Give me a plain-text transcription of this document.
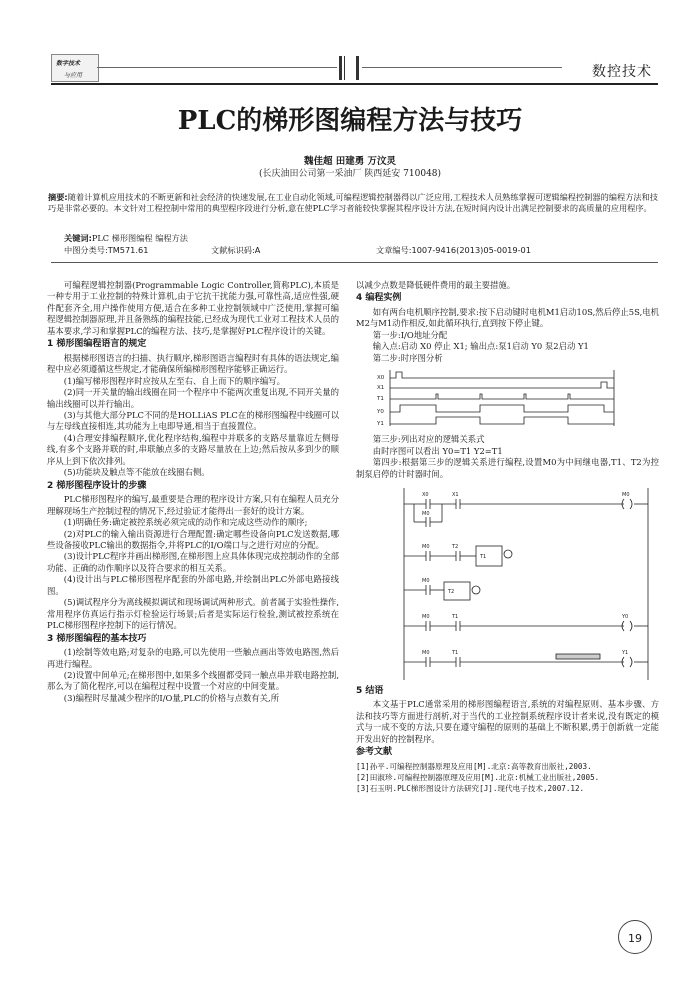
数字技术
与应用	数控技术
PLC的梯形图编程方法与技巧
魏佳超 田建勇 万汶灵
(长庆油田公司第一采油厂 陕西延安 710048)
摘要:随着计算机应用技术的不断更新和社会经济的快速发展,在工业自动化领域,可编程逻辑控制器得以广泛应用,工程技术人员熟练掌握可逻辑编程控制器的编程方法和技巧是非常必要的。本文针对工程控制中常用的典型程序段进行分析,意在使PLC学习者能较快掌握其程序设计方法,在短时间内设计出满足控制要求的高质量的应用程序。
关键词:PLC 梯形图编程 编程方法
中图分类号:TM571.61	文献标识码:A	文章编号:1007-9416(2013)05-0019-01

可编程逻辑控制器(Programmable Logic Controller,简称PLC),本质是一种专用于工业控制的特殊计算机,由于它抗干扰能力强,可靠性高,适应性强,硬件配套齐全,用户操作使用方便,适合在多种工业控制领域中广泛使用,掌握可编程逻辑控制器原理,并且备熟练的编程技能,已经成为现代工业对工程技术人员的基本要求,学习和掌握PLC的编程方法、技巧,是掌握好PLC程序设计的关键。

1 梯形图编程语言的规定

根据梯形图语言的扫描、执行顺序,梯形图语言编程时有具体的语法规定,编程中应必须遵循这些规定,才能确保所编梯形图程序能够正确运行。

(1)编写梯形图程序时应按从左至右、自上而下的顺序编写。

(2)同一开关量的输出线圈在同一个程序中不能两次重复出现,不同开关量的输出线圈可以并行输出。

(3)与其他大部分PLC不同的是HOLLiAS PLC在的梯形图编程中线圈可以与左母线直接相连,其功能为上电即导通,相当于直接置位。

(4)合理安排编程顺序,优化程序结构,编程中并联多的支路尽量靠近左侧母线,有多个支路并联的时,串联触点多的支路尽量放在上边;然后按从多到少的顺序从上到下依次排列。

(5)功能块及触点等不能放在线圈右侧。

2 梯形图程序设计的步骤

PLC梯形图程序的编写,最重要是合理的程序设计方案,只有在编程人员充分理解现场生产控制过程的情况下,经过验证才能得出一套好的设计方案。

(1)明确任务:确定被控系统必须完成的动作和完成这些动作的顺序;

(2)对PLC的输入输出资源进行合理配置:确定哪些设备向PLC发送数据,哪些设备接收PLC输出的数据指令,并将PLC的I/O端口与之进行对应的分配。

(3)设计PLC程序并画出梯形图,在梯形图上应具体体现完成控制动作的全部功能、正确的动作顺序以及符合要求的相互关系。

(4)设计出与PLC梯形图程序配套的外部电路,并绘制出PLC外部电路接线图。

(5)调试程序分为离线模拟调试和现场调试两种形式。前者属于实验性操作,常用程序仿真运行指示灯检验运行场景;后者是实际运行检验,测试被控系统在PLC梯形图程序控制下的运行情况。

3 梯形图编程的基本技巧

(1)绘制等效电路;对复杂的电路,可以先使用一些触点画出等效电路图,然后再进行编程。

(2)设置中间单元;在梯形图中,如果多个线圈都受同一触点串并联电路控制,那么为了简化程序,可以在编程过程中设置一个对应的中间变量。

(3)编程时尽量减少程序的I/O量,PLC的价格与点数有关,所

以减少点数是降低硬件费用的最主要措施。

4 编程实例

如有两台电机顺序控制,要求:按下启动键时电机M1启动10S,然后停止5S,电机M2与M1动作相反,如此循环执行,直到按下停止键。

第一步:I/O地址分配

输入点:启动 X0 停止 X1; 输出点:泵1启动 Y0 泵2启动 Y1

第二步:时序图分析

X0
X1
T1
Y0
Y1

第三步:列出对应的逻辑关系式

由时序图可以看出 Y0=T1 Y2=T1

第四步:根据第三步的逻辑关系进行编程,设置M0为中间继电器,T1、T2为控制泵启停的计时器时间。

X0	X1	M0
M0
M0	T2
T1
M0
T2
M0	T1	Y0
M0	T1	Y1
5 结语

本文基于PLC通常采用的梯形图编程语言,系统的对编程原则、基本步骤、方法和技巧等方面进行剖析,对于当代的工业控制系统程序设计者来说,没有既定的模式与一成不变的方法,只要在遵守编程的原则的基础上不断积累,勇于创新就一定能开发出好的控制程序。

参考文献

[1]孙平.可编程控制器原理及应用[M].北京:高等教育出版社,2003.

[2]田淑珍.可编程控制器原理及应用[M].北京:机械工业出版社,2005.

[3]石玉明.PLC梯形图设计方法研究[J].现代电子技术,2007.12.

19
